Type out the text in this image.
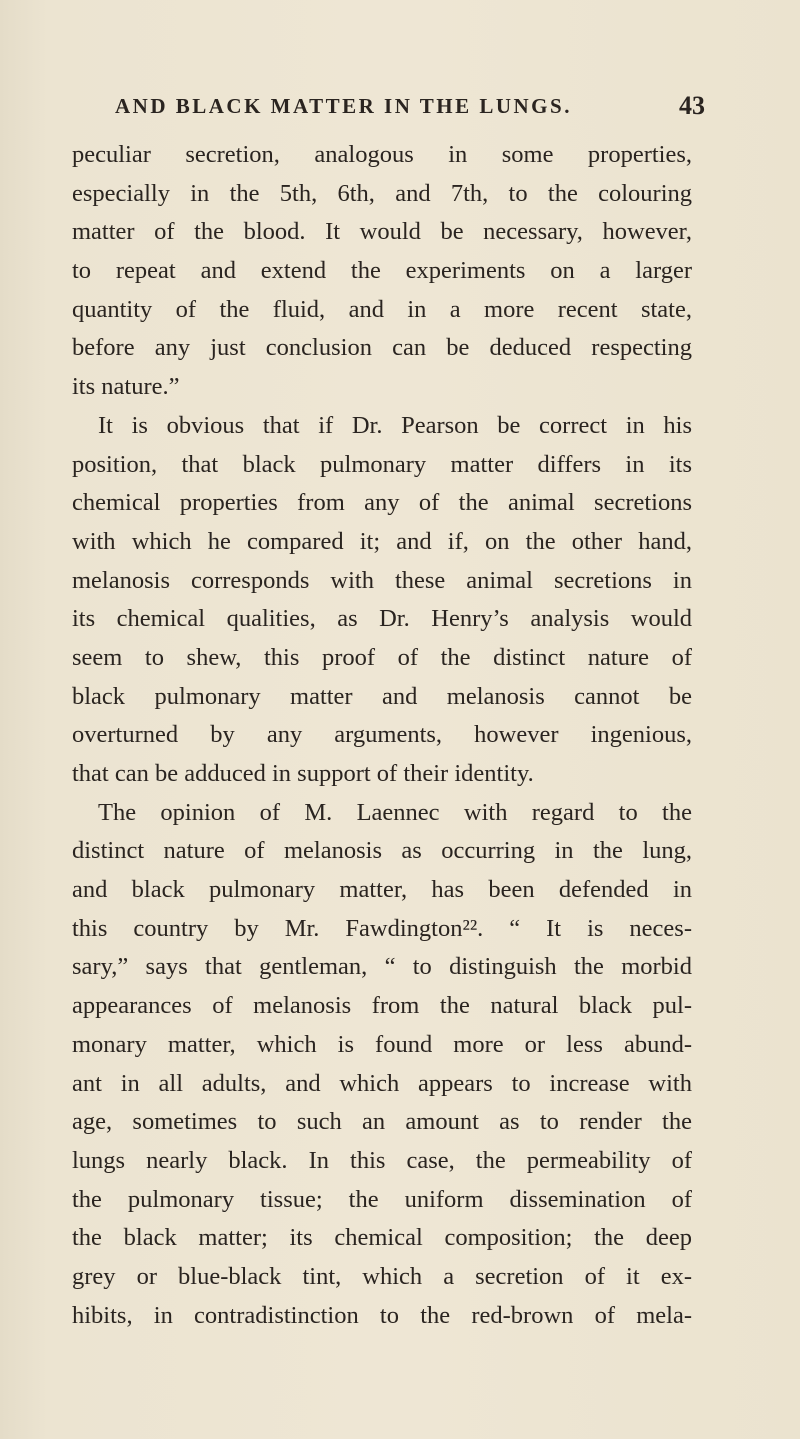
AND BLACK MATTER IN THE LUNGS.	43
peculiar secretion, analogous in some properties,
especially in the 5th, 6th, and 7th, to the colouring
matter of the blood. It would be necessary, however,
to repeat and extend the experiments on a larger
quantity of the fluid, and in a more recent state,
before any just conclusion can be deduced respecting
its nature.”
It is obvious that if Dr. Pearson be correct in his
position, that black pulmonary matter differs in its
chemical properties from any of the animal secretions
with which he compared it; and if, on the other hand,
melanosis corresponds with these animal secretions in
its chemical qualities, as Dr. Henry’s analysis would
seem to shew, this proof of the distinct nature of
black pulmonary matter and melanosis cannot be
overturned by any arguments, however ingenious,
that can be adduced in support of their identity.
The opinion of M. Laennec with regard to the
distinct nature of melanosis as occurring in the lung,
and black pulmonary matter, has been defended in
this country by Mr. Fawdington²². “ It is neces-
sary,” says that gentleman, “ to distinguish the morbid
appearances of melanosis from the natural black pul-
monary matter, which is found more or less abund-
ant in all adults, and which appears to increase with
age, sometimes to such an amount as to render the
lungs nearly black. In this case, the permeability of
the pulmonary tissue; the uniform dissemination of
the black matter; its chemical composition; the deep
grey or blue-black tint, which a secretion of it ex-
hibits, in contradistinction to the red-brown of mela-
